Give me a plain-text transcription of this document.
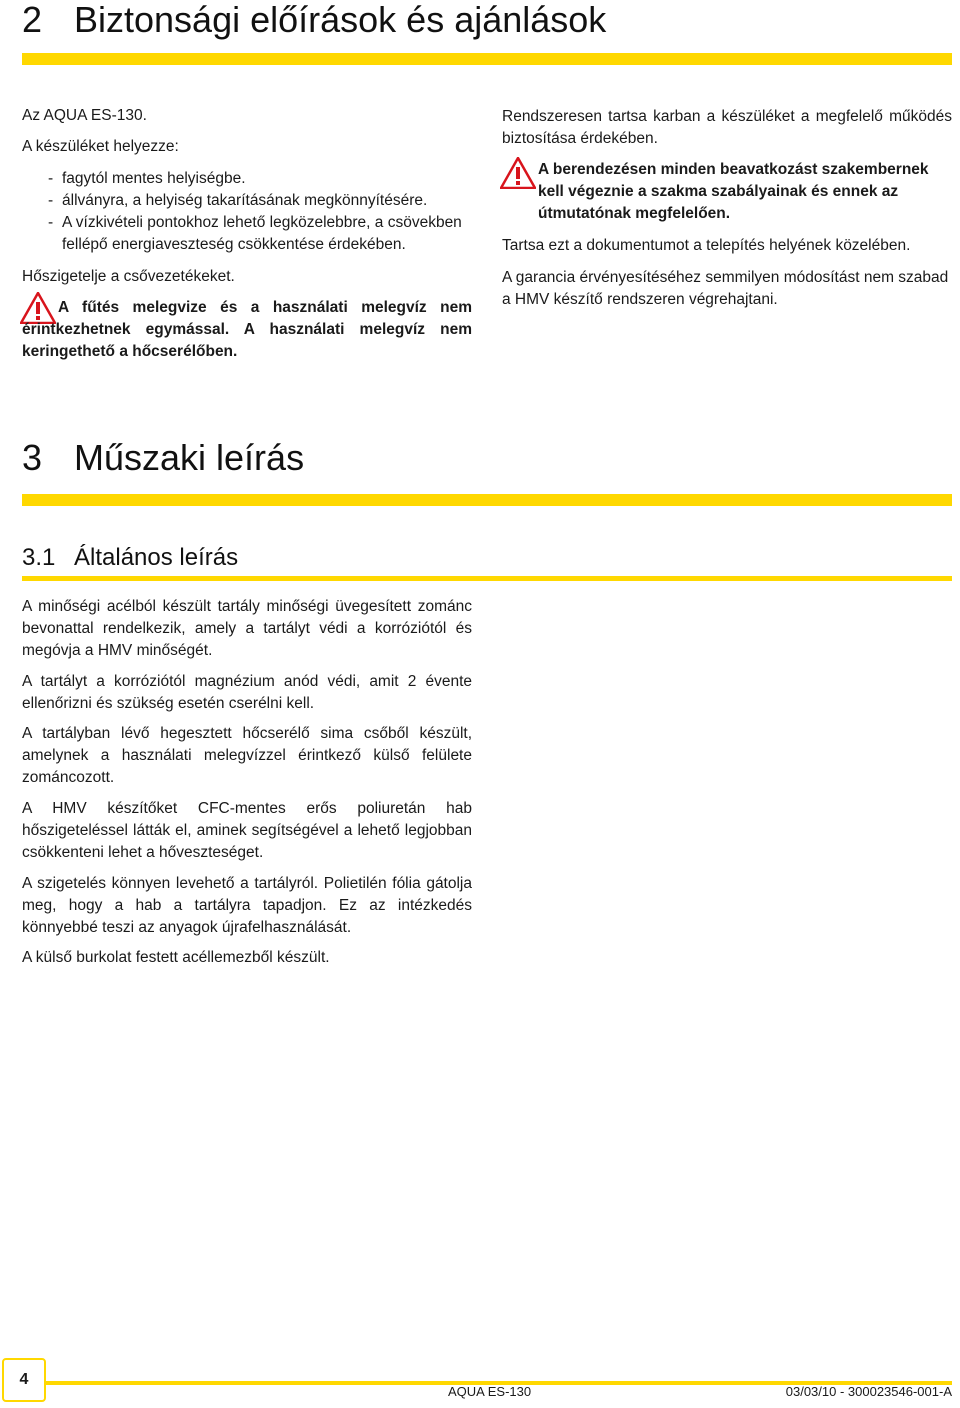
2 Biztonsági előírások és ajánlások

Az AQUA ES-130.

A készüléket helyezze:

- fagytól mentes helyiségbe.
- állványra, a helyiség takarításának megkönnyítésére.
- A vízkivételi pontokhoz lehető legközelebbre, a csövekben fellépő energiaveszteség csökkentése érdekében.

Hőszigetelje a csővezetékeket.

A fűtés melegvize és a használati melegvíz nem érintkezhetnek egymással. A használati melegvíz nem keringethető a hőcserélőben.

Rendszeresen tartsa karban a készüléket a megfelelő működés biztosítása érdekében.

A berendezésen minden beavatkozást szakembernek kell végeznie a szakma szabályainak és ennek az útmutatónak megfelelően.

Tartsa ezt a dokumentumot a telepítés helyének közelében.

A garancia érvényesítéséhez semmilyen módosítást nem szabad a HMV készítő rendszeren végrehajtani.

3 Műszaki leírás
3.1 Általános leírás

A minőségi acélból készült tartály minőségi üvegesített zománc bevonattal rendelkezik, amely a tartályt védi a korróziótól és megóvja a HMV minőségét.

A tartályt a korróziótól magnézium anód védi, amit 2 évente ellenőrizni és szükség esetén cserélni kell.

A tartályban lévő hegesztett hőcserélő sima csőből készült, amelynek a használati melegvízzel érintkező külső felülete zománcozott.

A HMV készítőket CFC-mentes erős poliuretán hab hőszigeteléssel látták el, aminek segítségével a lehető legjobban csökkenteni lehet a hőveszteséget.

A szigetelés könnyen levehető a tartályról. Polietilén fólia gátolja meg, hogy a hab a tartályra tapadjon. Ez az intézkedés könnyebbé teszi az anyagok újrafelhasználását.

A külső burkolat festett acéllemezből készült.

4
AQUA ES-130	03/03/10 - 300023546-001-A
